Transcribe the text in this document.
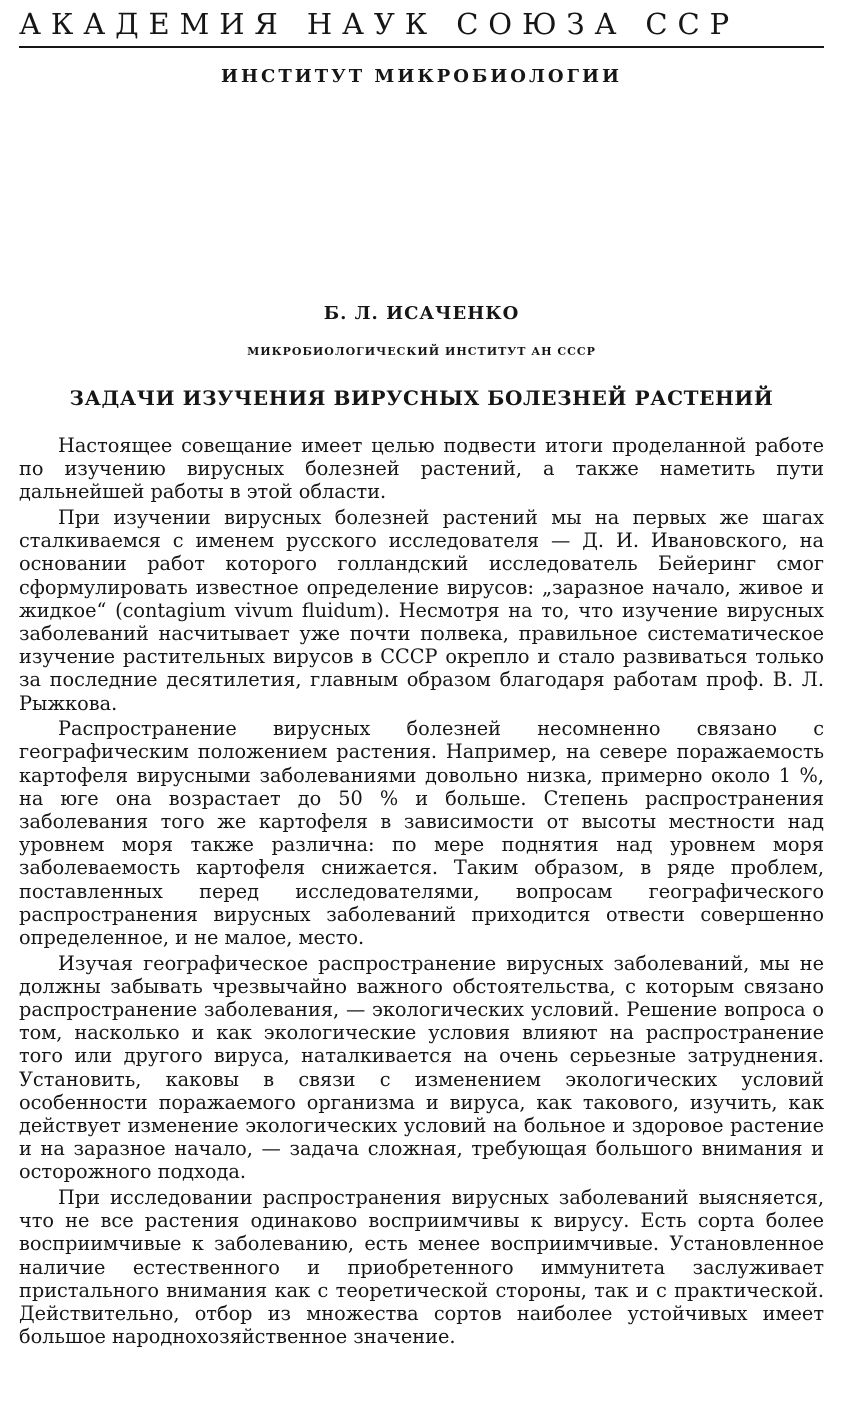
АКАДЕМИЯ НАУК СОЮЗА ССР
ИНСТИТУТ МИКРОБИОЛОГИИ
Б. Л. ИСАЧЕНКО
МИКРОБИОЛОГИЧЕСКИЙ ИНСТИТУТ АН СССР
ЗАДАЧИ ИЗУЧЕНИЯ ВИРУСНЫХ БОЛЕЗНЕЙ РАСТЕНИЙ

Настоящее совещание имеет целью подвести итоги проделанной работе по изучению вирусных болезней растений, а также наметить пути дальнейшей работы в этой области.

При изучении вирусных болезней растений мы на первых же шагах сталкиваемся с именем русского исследователя — Д. И. Ивановского, на основании работ которого голландский исследователь Бейеринг смог сформулировать известное определение вирусов: „заразное начало, живое и жидкое“ (contagium vivum fluidum). Несмотря на то, что изучение вирусных заболеваний насчитывает уже почти полвека, правильное систематическое изучение растительных вирусов в СССР окрепло и стало развиваться только за последние десятилетия, главным образом благодаря работам проф. В. Л. Рыжкова.

Распространение вирусных болезней несомненно связано с географическим положением растения. Например, на севере поражаемость картофеля вирусными заболеваниями довольно низка, примерно около 1 %, на юге она возрастает до 50 % и больше. Степень распространения заболевания того же картофеля в зависимости от высоты местности над уровнем моря также различна: по мере поднятия над уровнем моря заболеваемость картофеля снижается. Таким образом, в ряде проблем, поставленных перед исследователями, вопросам географического распространения вирусных заболеваний приходится отвести совершенно определенное, и не малое, место.

Изучая географическое распространение вирусных заболеваний, мы не должны забывать чрезвычайно важного обстоятельства, с которым связано распространение заболевания, — экологических условий. Решение вопроса о том, насколько и как экологические условия влияют на распространение того или другого вируса, наталкивается на очень серьезные затруднения. Установить, каковы в связи с изменением экологических условий особенности поражаемого организма и вируса, как такового, изучить, как действует изменение экологических условий на больное и здоровое растение и на заразное начало, — задача сложная, требующая большого внимания и осторожного подхода.

При исследовании распространения вирусных заболеваний выясняется, что не все растения одинаково восприимчивы к вирусу. Есть сорта более восприимчивые к заболеванию, есть менее восприимчивые. Установленное наличие естественного и приобретенного иммунитета заслуживает пристального внимания как с теоретической стороны, так и с практической. Действительно, отбор из множества сортов наиболее устойчивых имеет большое народнохозяйственное значение.
